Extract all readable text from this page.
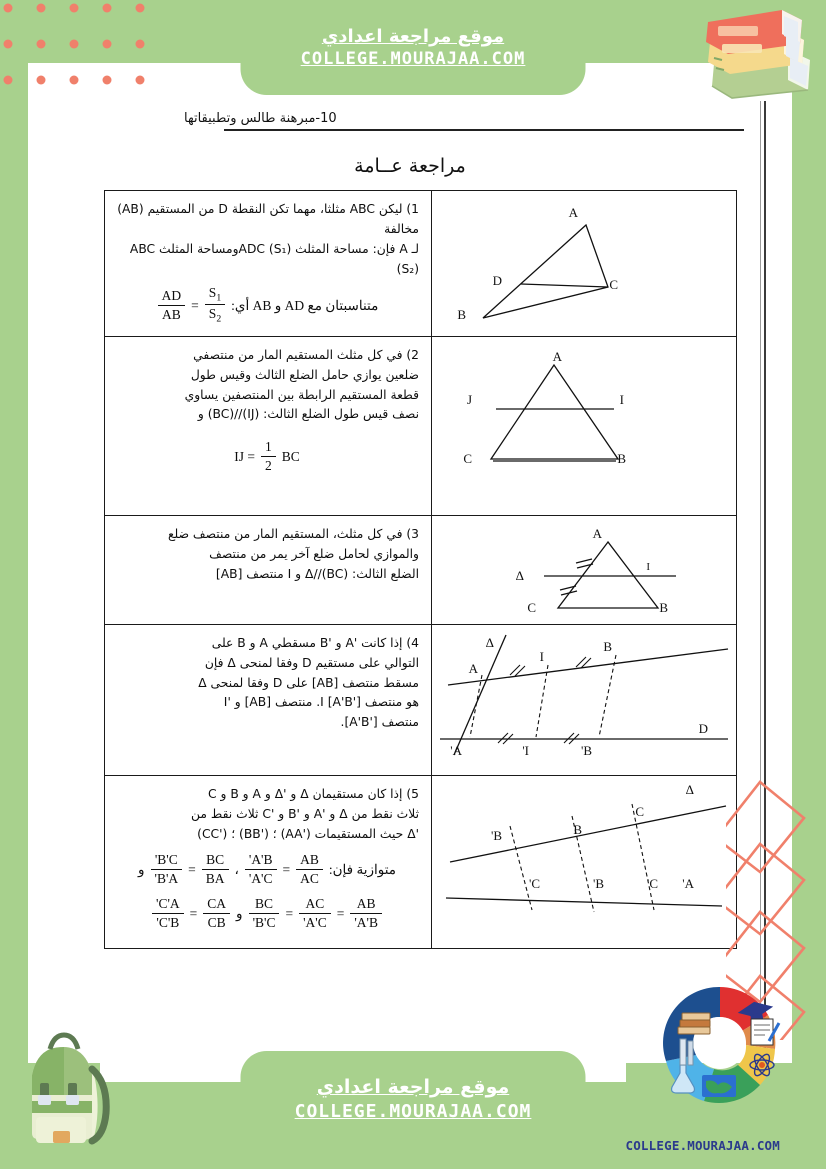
موقع مراجعة اعدادي
COLLEGE.MOURAJAA.COM
10-مبرهنة طالس وتطبيقاتها
مراجعة عــامة
A
B
C
D
1) ليكن ABC مثلثا، مهما تكن النقطة D من المستقيم (AB) مخالفة
لـ A فإن: مساحة المثلث ADC (S₁)ومساحة المثلث ABC (S₂)
متناسبتان مع AD و AB أي:
$\frac{S_1}{S_2}$
=
$\frac{AD}{AB}$
A
J	I
C	B
2) في كل مثلث المستقيم المار من منتصفي
ضلعين يوازي حامل الضلع الثالث وقيس طول
قطعة المستقيم الرابطة بين المنتصفين يساوي
نصف قيس طول الضلع الثالث: (IJ)//(BC) و
IJ = $\frac{1}{2}$ BC
A
Δ
I
C	B
3) في كل مثلث، المستقيم المار من منتصف ضلع
والموازي لحامل ضلع آخر يمر من منتصف
الضلع الثالث: Δ//(BC) و I منتصف [AB]
Δ
A
I
B
D
A'	I'	B'
4) إذا كانت 'A و 'B مسقطي A و B على
التوالي على مستقيم D وفقا لمنحى Δ فإن
مسقط منتصف [AB] على D وفقا لمنحى Δ
هو منتصف ['A'B] I. منتصف [AB] و 'I
منتصف ['A'B].
Δ
B'	B
C
C'	B'	C' A'
5) إذا كان مستقيمان Δ و 'Δ و A و B و C
ثلاث نقط من Δ و 'A و 'B و 'C ثلاث نقط من
'Δ حيث المستقيمات ('AA) ؛ ('BB) ؛ ('CC)
متوازية فإن:
$\frac{AB}{AC}$
=
$\frac{A'B'}{A'C'}$
،
$\frac{BC}{BA}$
=
$\frac{B'C'}{B'A'}$
و
$\frac{AB}{A'B'}$
=
$\frac{AC}{A'C'}$
=
$\frac{BC}{B'C'}$
و
$\frac{CA}{CB}$
=
$\frac{C'A'}{C'B'}$
موقع مراجعة اعدادي
COLLEGE.MOURAJAA.COM
COLLEGE.MOURAJAA.COM
